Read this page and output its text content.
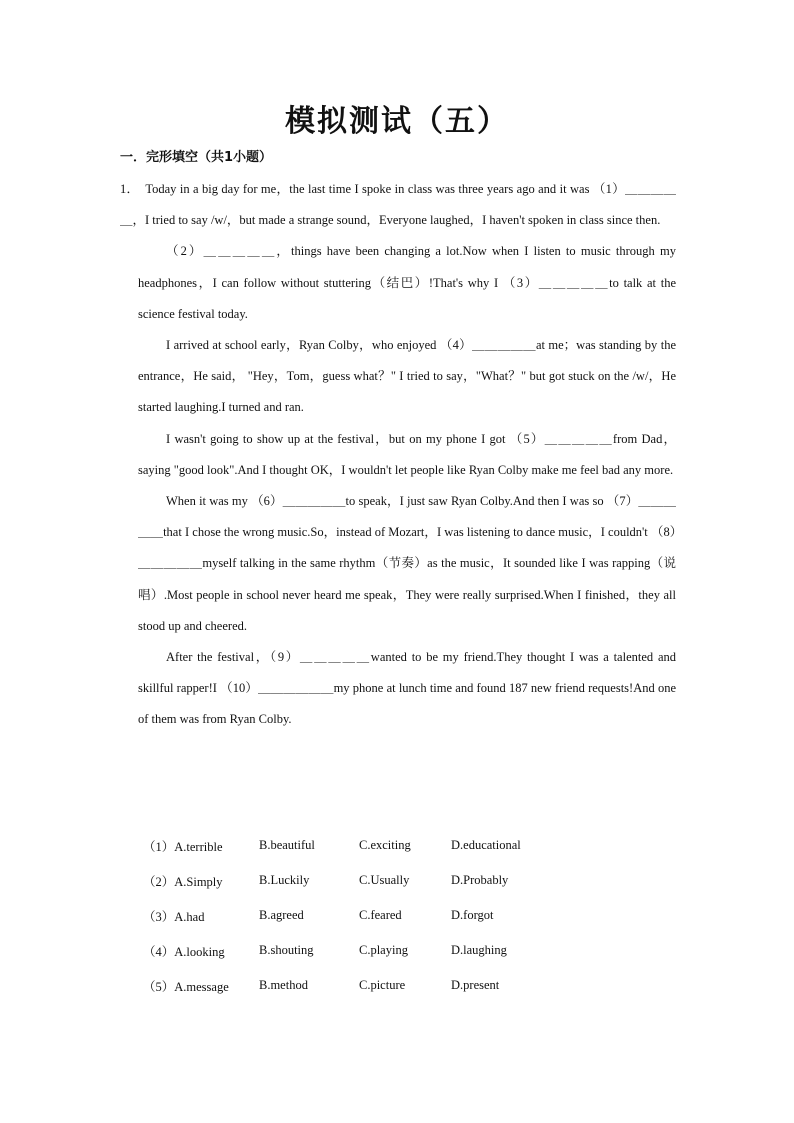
模拟测试（五）
一．完形填空（共1小题）

1． Today in a big day for me，the last time I spoke in class was three years ago and it was （1）＿＿＿＿＿，I tried to say /w/，but made a strange sound，Everyone laughed，I haven't spoken in class since then.

（2）＿＿＿＿＿，things have been changing a lot.Now when I listen to music through my headphones，I can follow without stuttering（结巴）!That's why I （3）＿＿＿＿＿to talk at the science festival today.

I arrived at school early，Ryan Colby，who enjoyed （4）＿＿＿＿＿at me；was standing by the entrance，He said， "Hey，Tom，guess what？" I tried to say，"What？" but got stuck on the /w/，He started laughing.I turned and ran.

I wasn't going to show up at the festival，but on my phone I got （5）＿＿＿＿＿from Dad，saying "good look".And I thought OK，I wouldn't let people like Ryan Colby make me feel bad any more.

When it was my （6）＿＿＿＿＿to speak，I just saw Ryan Colby.And then I was so （7）＿＿＿＿＿that I chose the wrong music.So，instead of Mozart，I was listening to dance music，I couldn't （8）＿＿＿＿＿myself talking in the same rhythm（节奏）as the music，It sounded like I was rapping（说唱）.Most people in school never heard me speak，They were really surprised.When I finished，they all stood up and cheered.

After the festival，（9）＿＿＿＿＿wanted to be my friend.They thought I was a talented and skillful rapper!I （10）＿＿＿＿＿＿my phone at lunch time and found 187 new friend requests!And one of them was from Ryan Colby.

（1）A.terrible	B.beautiful	C.exciting	D.educational
（2）A.Simply	B.Luckily	C.Usually	D.Probably
（3）A.had	B.agreed	C.feared	D.forgot
（4）A.looking	B.shouting	C.playing	D.laughing
（5）A.message	B.method	C.picture	D.present
